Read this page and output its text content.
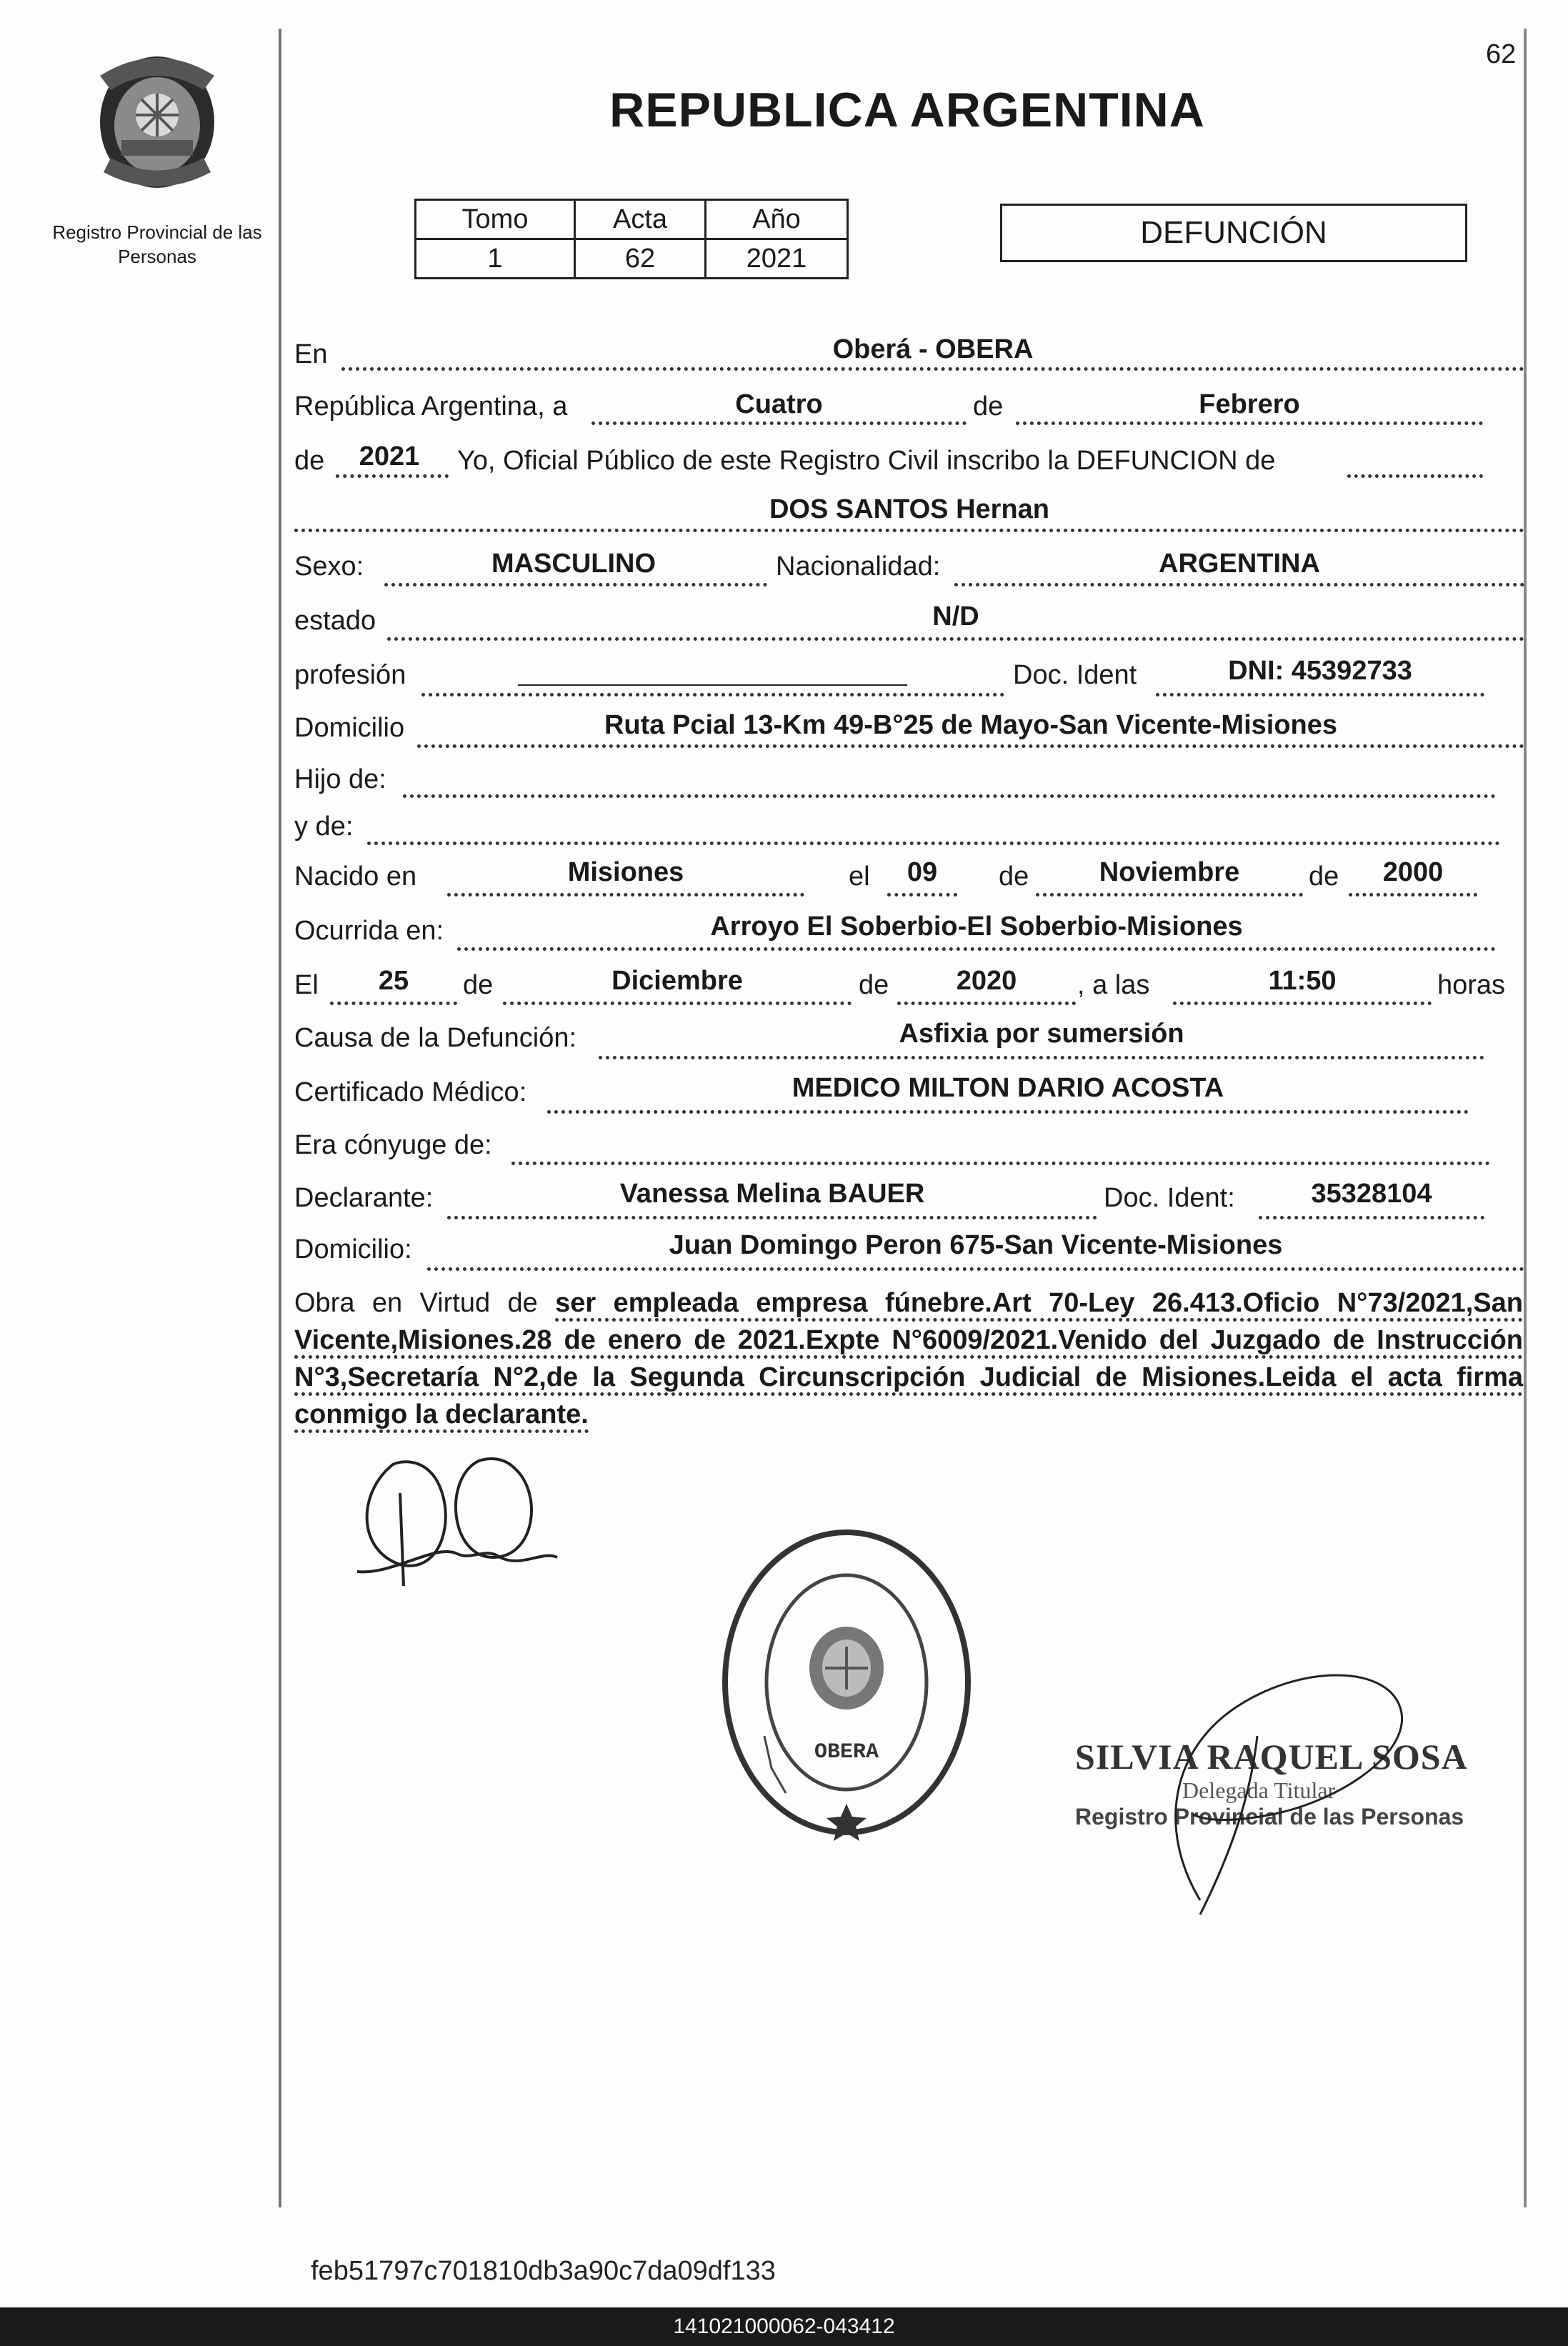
62
Registro Provincial de las Personas
REPUBLICA ARGENTINA
Tomo	Acta	Año
1	62	2021
DEFUNCIÓN
En	Oberá - OBERA
República Argentina, a	Cuatro	de	Febrero
de	2021	Yo, Oficial Público de este Registro Civil inscribo la DEFUNCION de
DOS SANTOS Hernan
Sexo:	MASCULINO	Nacionalidad:	ARGENTINA
estado	N/D
profesión	Doc. Ident	DNI: 45392733
Domicilio	Ruta Pcial 13-Km 49-B°25 de Mayo-San Vicente-Misiones
Hijo de:
y de:
Nacido en	Misiones	el	09	de	Noviembre	de	2000
Ocurrida en:	Arroyo El Soberbio-El Soberbio-Misiones
El	25	de	Diciembre	de	2020	, a las	11:50	horas
Causa de la Defunción:	Asfixia por sumersión
Certificado Médico:	MEDICO MILTON DARIO ACOSTA
Era cónyuge de:
Declarante:	Vanessa Melina BAUER	Doc. Ident:	35328104
Domicilio:	Juan Domingo Peron 675-San Vicente-Misiones
Obra en Virtud de ser empleada empresa fúnebre.Art 70-Ley 26.413.Oficio N°73/2021,San Vicente,Misiones.28 de enero de 2021.Expte N°6009/2021.Venido del Juzgado de Instrucción N°3,Secretaría N°2,de la Segunda Circunscripción Judicial de Misiones.Leida el acta firma conmigo la declarante.
OBERA	SILVIA RAQUEL SOSA
Delegada Titular
Registro Provincial de las Personas
feb51797c701810db3a90c7da09df133
141021000062-043412
